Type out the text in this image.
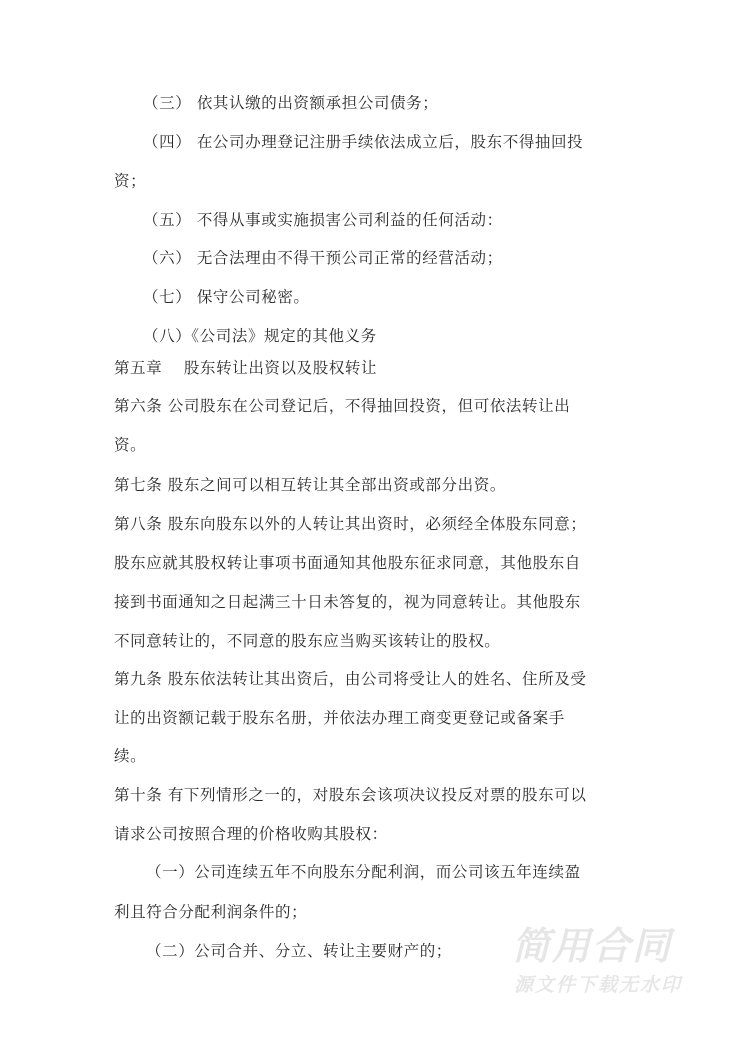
（三） 依其认缴的出资额承担公司债务；
（四） 在公司办理登记注册手续依法成立后，股东不得抽回投
资；
（五） 不得从事或实施损害公司利益的任何活动：
（六） 无合法理由不得干预公司正常的经营活动；
（七） 保守公司秘密。
（八）《公司法》规定的其他义务
第五章　 股东转让出资以及股权转让
第六条 公司股东在公司登记后，不得抽回投资，但可依法转让出
资。
第七条 股东之间可以相互转让其全部出资或部分出资。
第八条 股东向股东以外的人转让其出资时，必须经全体股东同意；
股东应就其股权转让事项书面通知其他股东征求同意，其他股东自
接到书面通知之日起满三十日未答复的，视为同意转让。其他股东
不同意转让的，不同意的股东应当购买该转让的股权。
第九条 股东依法转让其出资后，由公司将受让人的姓名、住所及受
让的出资额记载于股东名册，并依法办理工商变更登记或备案手
续。
第十条 有下列情形之一的，对股东会该项决议投反对票的股东可以
请求公司按照合理的价格收购其股权：
（一）公司连续五年不向股东分配利润，而公司该五年连续盈
利且符合分配利润条件的；
（二）公司合并、分立、转让主要财产的； 简用合同
源文件下载无水印
